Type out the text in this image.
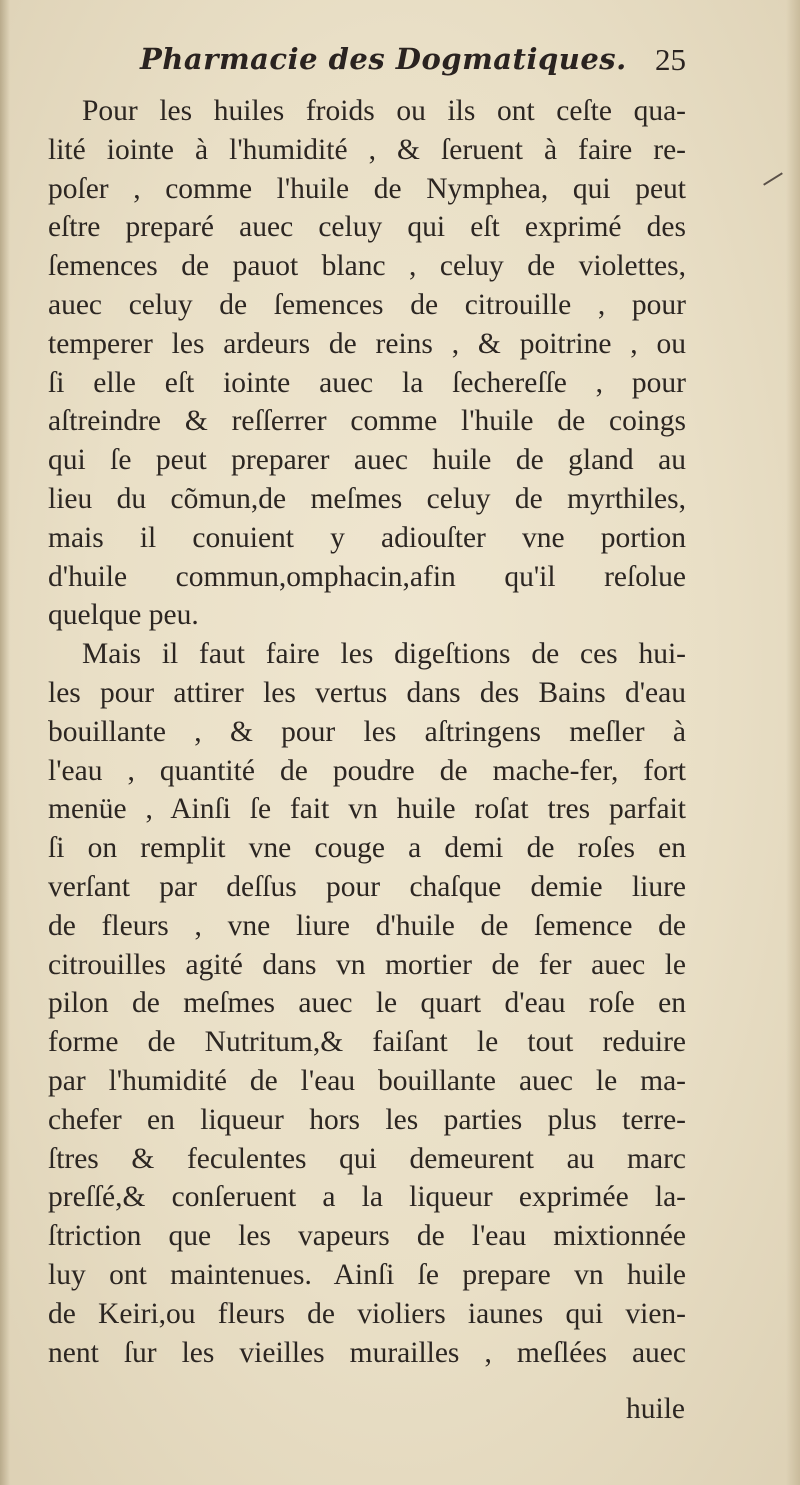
Pharmacie des Dogmatiques. 25
Pour les huiles froids ou ils ont ceſte qua-
lité iointe à l'humidité , & ſeruent à faire re-
poſer , comme l'huile de Nymphea, qui peut
eſtre preparé auec celuy qui eſt exprimé des
ſemences de pauot blanc , celuy de violettes,
auec celuy de ſemences de citrouille , pour
temperer les ardeurs de reins , & poitrine , ou
ſi elle eſt iointe auec la ſechereſſe , pour
aſtreindre & reſſerrer comme l'huile de coings
qui ſe peut preparer auec huile de gland au
lieu du cõmun,de meſmes celuy de myrthiles,
mais il conuient y adiouſter vne portion
d'huile commun,omphacin,afin qu'il reſolue
quelque peu.
Mais il faut faire les digeſtions de ces hui-
les pour attirer les vertus dans des Bains d'eau
bouillante , & pour les aſtringens meſler à
l'eau , quantité de poudre de mache-fer, fort
menüe , Ainſi ſe fait vn huile roſat tres parfait
ſi on remplit vne couge a demi de roſes en
verſant par deſſus pour chaſque demie liure
de fleurs , vne liure d'huile de ſemence de
citrouilles agité dans vn mortier de fer auec le
pilon de meſmes auec le quart d'eau roſe en
forme de Nutritum,& faiſant le tout reduire
par l'humidité de l'eau bouillante auec le ma-
chefer en liqueur hors les parties plus terre-
ſtres & feculentes qui demeurent au marc
preſſé,& conſeruent a la liqueur exprimée la-
ſtriction que les vapeurs de l'eau mixtionnée
luy ont maintenues. Ainſi ſe prepare vn huile
de Keiri,ou fleurs de violiers iaunes qui vien-
nent ſur les vieilles murailles , meſlées auec
huile
